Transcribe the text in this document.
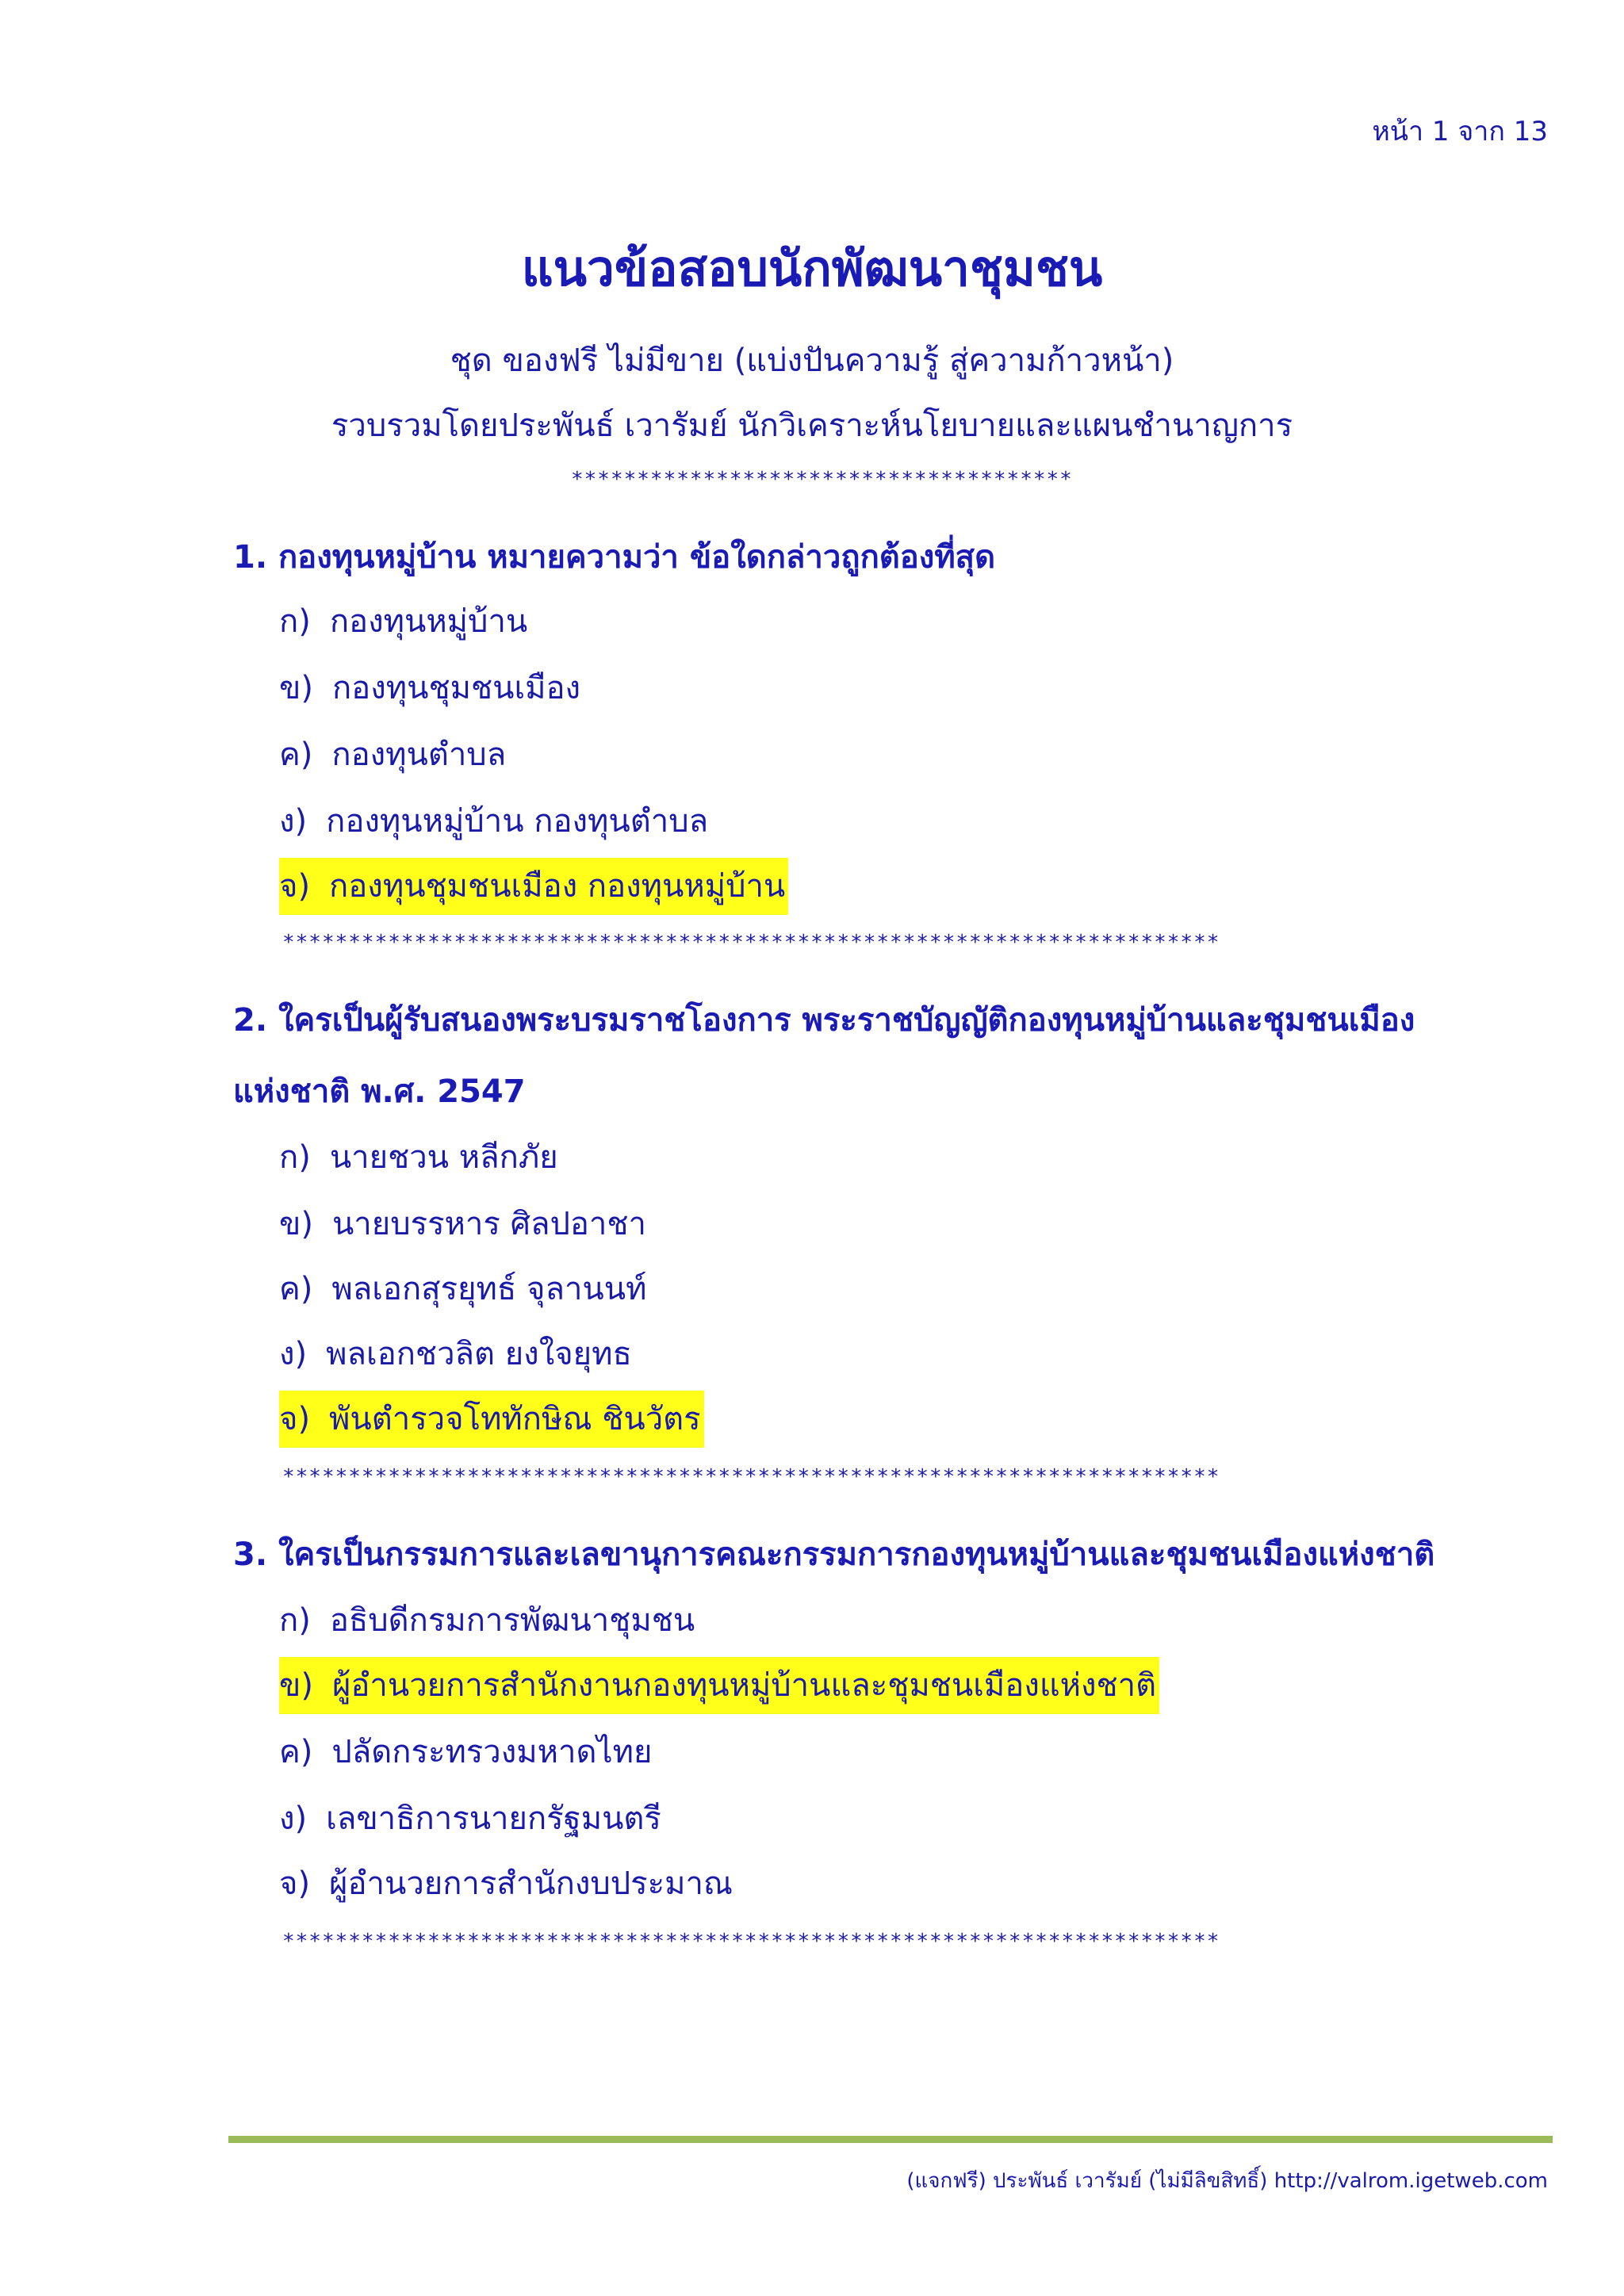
หน้า 1 จาก 13
แนวข้อสอบนักพัฒนาชุมชน
ชุด ของฟรี ไม่มีขาย (แบ่งปันความรู้ สู่ความก้าวหน้า)
รวบรวมโดยประพันธ์ เวารัมย์ นักวิเคราะห์นโยบายและแผนชำนาญการ
**************************************
1. กองทุนหมู่บ้าน หมายความว่า ข้อใดกล่าวถูกต้องที่สุด
ก) กองทุนหมู่บ้าน
ข) กองทุนชุมชนเมือง
ค) กองทุนตำบล
ง) กองทุนหมู่บ้าน กองทุนตำบล
จ) กองทุนชุมชนเมือง กองทุนหมู่บ้าน
***********************************************************************
2. ใครเป็นผู้รับสนองพระบรมราชโองการ พระราชบัญญัติกองทุนหมู่บ้านและชุมชนเมือง
แห่งชาติ พ.ศ. 2547
ก) นายชวน หลีกภัย
ข) นายบรรหาร ศิลปอาชา
ค) พลเอกสุรยุทธ์ จุลานนท์
ง) พลเอกชวลิต ยงใจยุทธ
จ) พันตำรวจโททักษิณ ชินวัตร
***********************************************************************
3. ใครเป็นกรรมการและเลขานุการคณะกรรมการกองทุนหมู่บ้านและชุมชนเมืองแห่งชาติ
ก) อธิบดีกรมการพัฒนาชุมชน
ข) ผู้อำนวยการสำนักงานกองทุนหมู่บ้านและชุมชนเมืองแห่งชาติ
ค) ปลัดกระทรวงมหาดไทย
ง) เลขาธิการนายกรัฐมนตรี
จ) ผู้อำนวยการสำนักงบประมาณ
***********************************************************************
(แจกฟรี) ประพันธ์ เวารัมย์ (ไม่มีลิขสิทธิ์) http://valrom.igetweb.com
